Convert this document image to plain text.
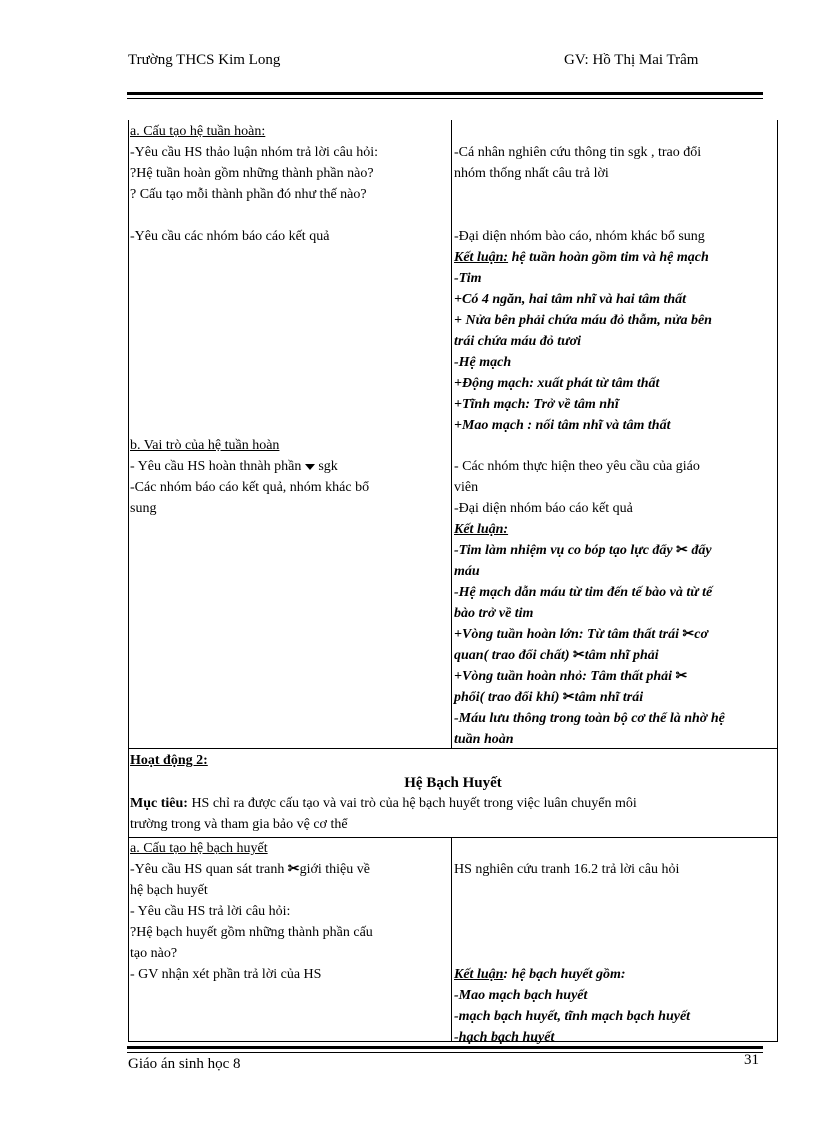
Trường THCS Kim Long	GV: Hồ Thị Mai Trâm
a. Cấu tạo hệ tuần hoàn:
-Yêu cầu HS thảo luận nhóm trả lời câu hỏi:
?Hệ tuần hoàn gồm những thành phần nào?
? Cấu tạo mỗi thành phần đó như thế nào?
-Yêu cầu các nhóm báo cáo kết quả
-Cá nhân nghiên cứu thông tin sgk , trao đổi
nhóm thống nhất câu trả lời
-Đại diện nhóm bào cáo, nhóm khác bổ sung
Kết luận: hệ tuần hoàn gồm tim và hệ mạch
-Tim
+Có 4 ngăn, hai tâm nhĩ và hai tâm thất
+ Nửa bên phải chứa máu đỏ thẫm, nửa bên
trái chứa máu đỏ tươi
-Hệ mạch
+Động mạch: xuất phát từ tâm thất
+Tĩnh mạch: Trở về tâm nhĩ
+Mao mạch : nối tâm nhĩ và tâm thất
b. Vai trò của hệ tuần hoàn
- Yêu cầu HS hoàn thnàh phần sgk
-Các nhóm báo cáo kết quả, nhóm khác bổ
sung
- Các nhóm thực hiện theo yêu cầu của giáo
viên
-Đại diện nhóm báo cáo kết quả
Kết luận:
-Tim làm nhiệm vụ co bóp tạo lực đẩy ✂ đẩy
máu
-Hệ mạch dẫn máu từ tim đến tế bào và từ tế
bào trở về tim
+Vòng tuần hoàn lớn: Từ tâm thất trái ✂cơ
quan( trao đổi chất) ✂tâm nhĩ phải
+Vòng tuần hoàn nhỏ: Tâm thất phải ✂
phổi( trao đổi khí) ✂tâm nhĩ trái
-Máu lưu thông trong toàn bộ cơ thể là nhờ hệ
tuần hoàn
Hoạt động 2:
Hệ Bạch Huyết
Mục tiêu: HS chỉ ra được cấu tạo và vai trò của hệ bạch huyết trong việc luân chuyển môi
trường trong và tham gia bảo vệ cơ thể
a. Cấu tạo hệ bạch huyết
-Yêu cầu HS quan sát tranh ✂giới thiệu về
hệ bạch huyết
- Yêu cầu HS trả lời câu hỏi:
?Hệ bạch huyết gồm những thành phần cấu
tạo nào?
- GV nhận xét phần trả lời của HS
HS nghiên cứu tranh 16.2 trả lời câu hỏi
Kết luận: hệ bạch huyết gồm:
-Mao mạch bạch huyết
-mạch bạch huyết, tĩnh mạch bạch huyết
-hạch bạch huyết
Giáo án sinh học 8	31
